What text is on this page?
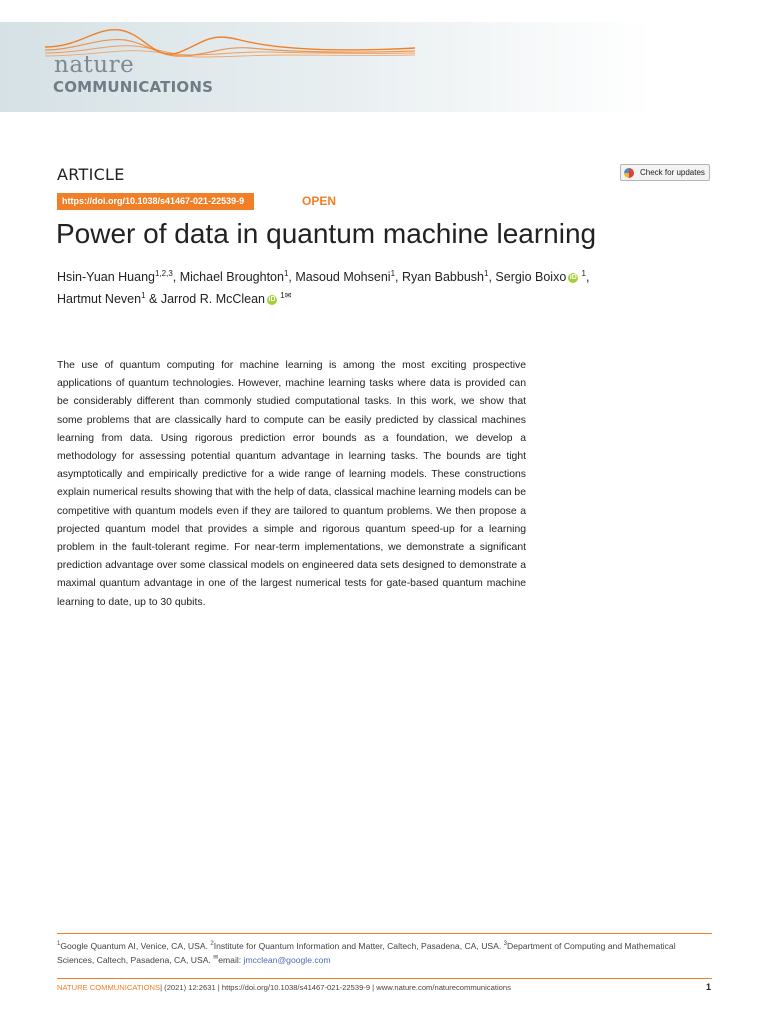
nature
COMMUNICATIONS
ARTICLE	Check for updates
https://doi.org/10.1038/s41467-021-22539-9	OPEN
Power of data in quantum machine learning
Hsin-Yuan Huang$^{1,2,3}$, Michael Broughton$^1$, Masoud Mohseni$^1$, Ryan Babbush$^1$, Sergio Boixo iD $^1$,
Hartmut Neven$^1$ & Jarrod R. McClean iD $^{1✉}$
The use of quantum computing for machine learning is among the most exciting prospective applications of quantum technologies. However, machine learning tasks where data is provided can be considerably different than commonly studied computational tasks. In this work, we show that some problems that are classically hard to compute can be easily predicted by classical machines learning from data. Using rigorous prediction error bounds as a foundation, we develop a methodology for assessing potential quantum advantage in learning tasks. The bounds are tight asymptotically and empirically predictive for a wide range of learning models. These constructions explain numerical results showing that with the help of data, classical machine learning models can be competitive with quantum models even if they are tailored to quantum problems. We then propose a projected quantum model that provides a simple and rigorous quantum speed-up for a learning problem in the fault-tolerant regime. For near-term implementations, we demonstrate a significant prediction advantage over some classical models on engineered data sets designed to demonstrate a maximal quantum advantage in one of the largest numerical tests for gate-based quantum machine learning to date, up to 30 qubits.
$^1$Google Quantum AI, Venice, CA, USA. $^2$Institute for Quantum Information and Matter, Caltech, Pasadena, CA, USA. $^3$Department of Computing and Mathematical Sciences, Caltech, Pasadena, CA, USA. ✉email: jmcclean@google.com
NATURE COMMUNICATIONS| (2021) 12:2631 | https://doi.org/10.1038/s41467-021-22539-9 | www.nature.com/naturecommunications	1
